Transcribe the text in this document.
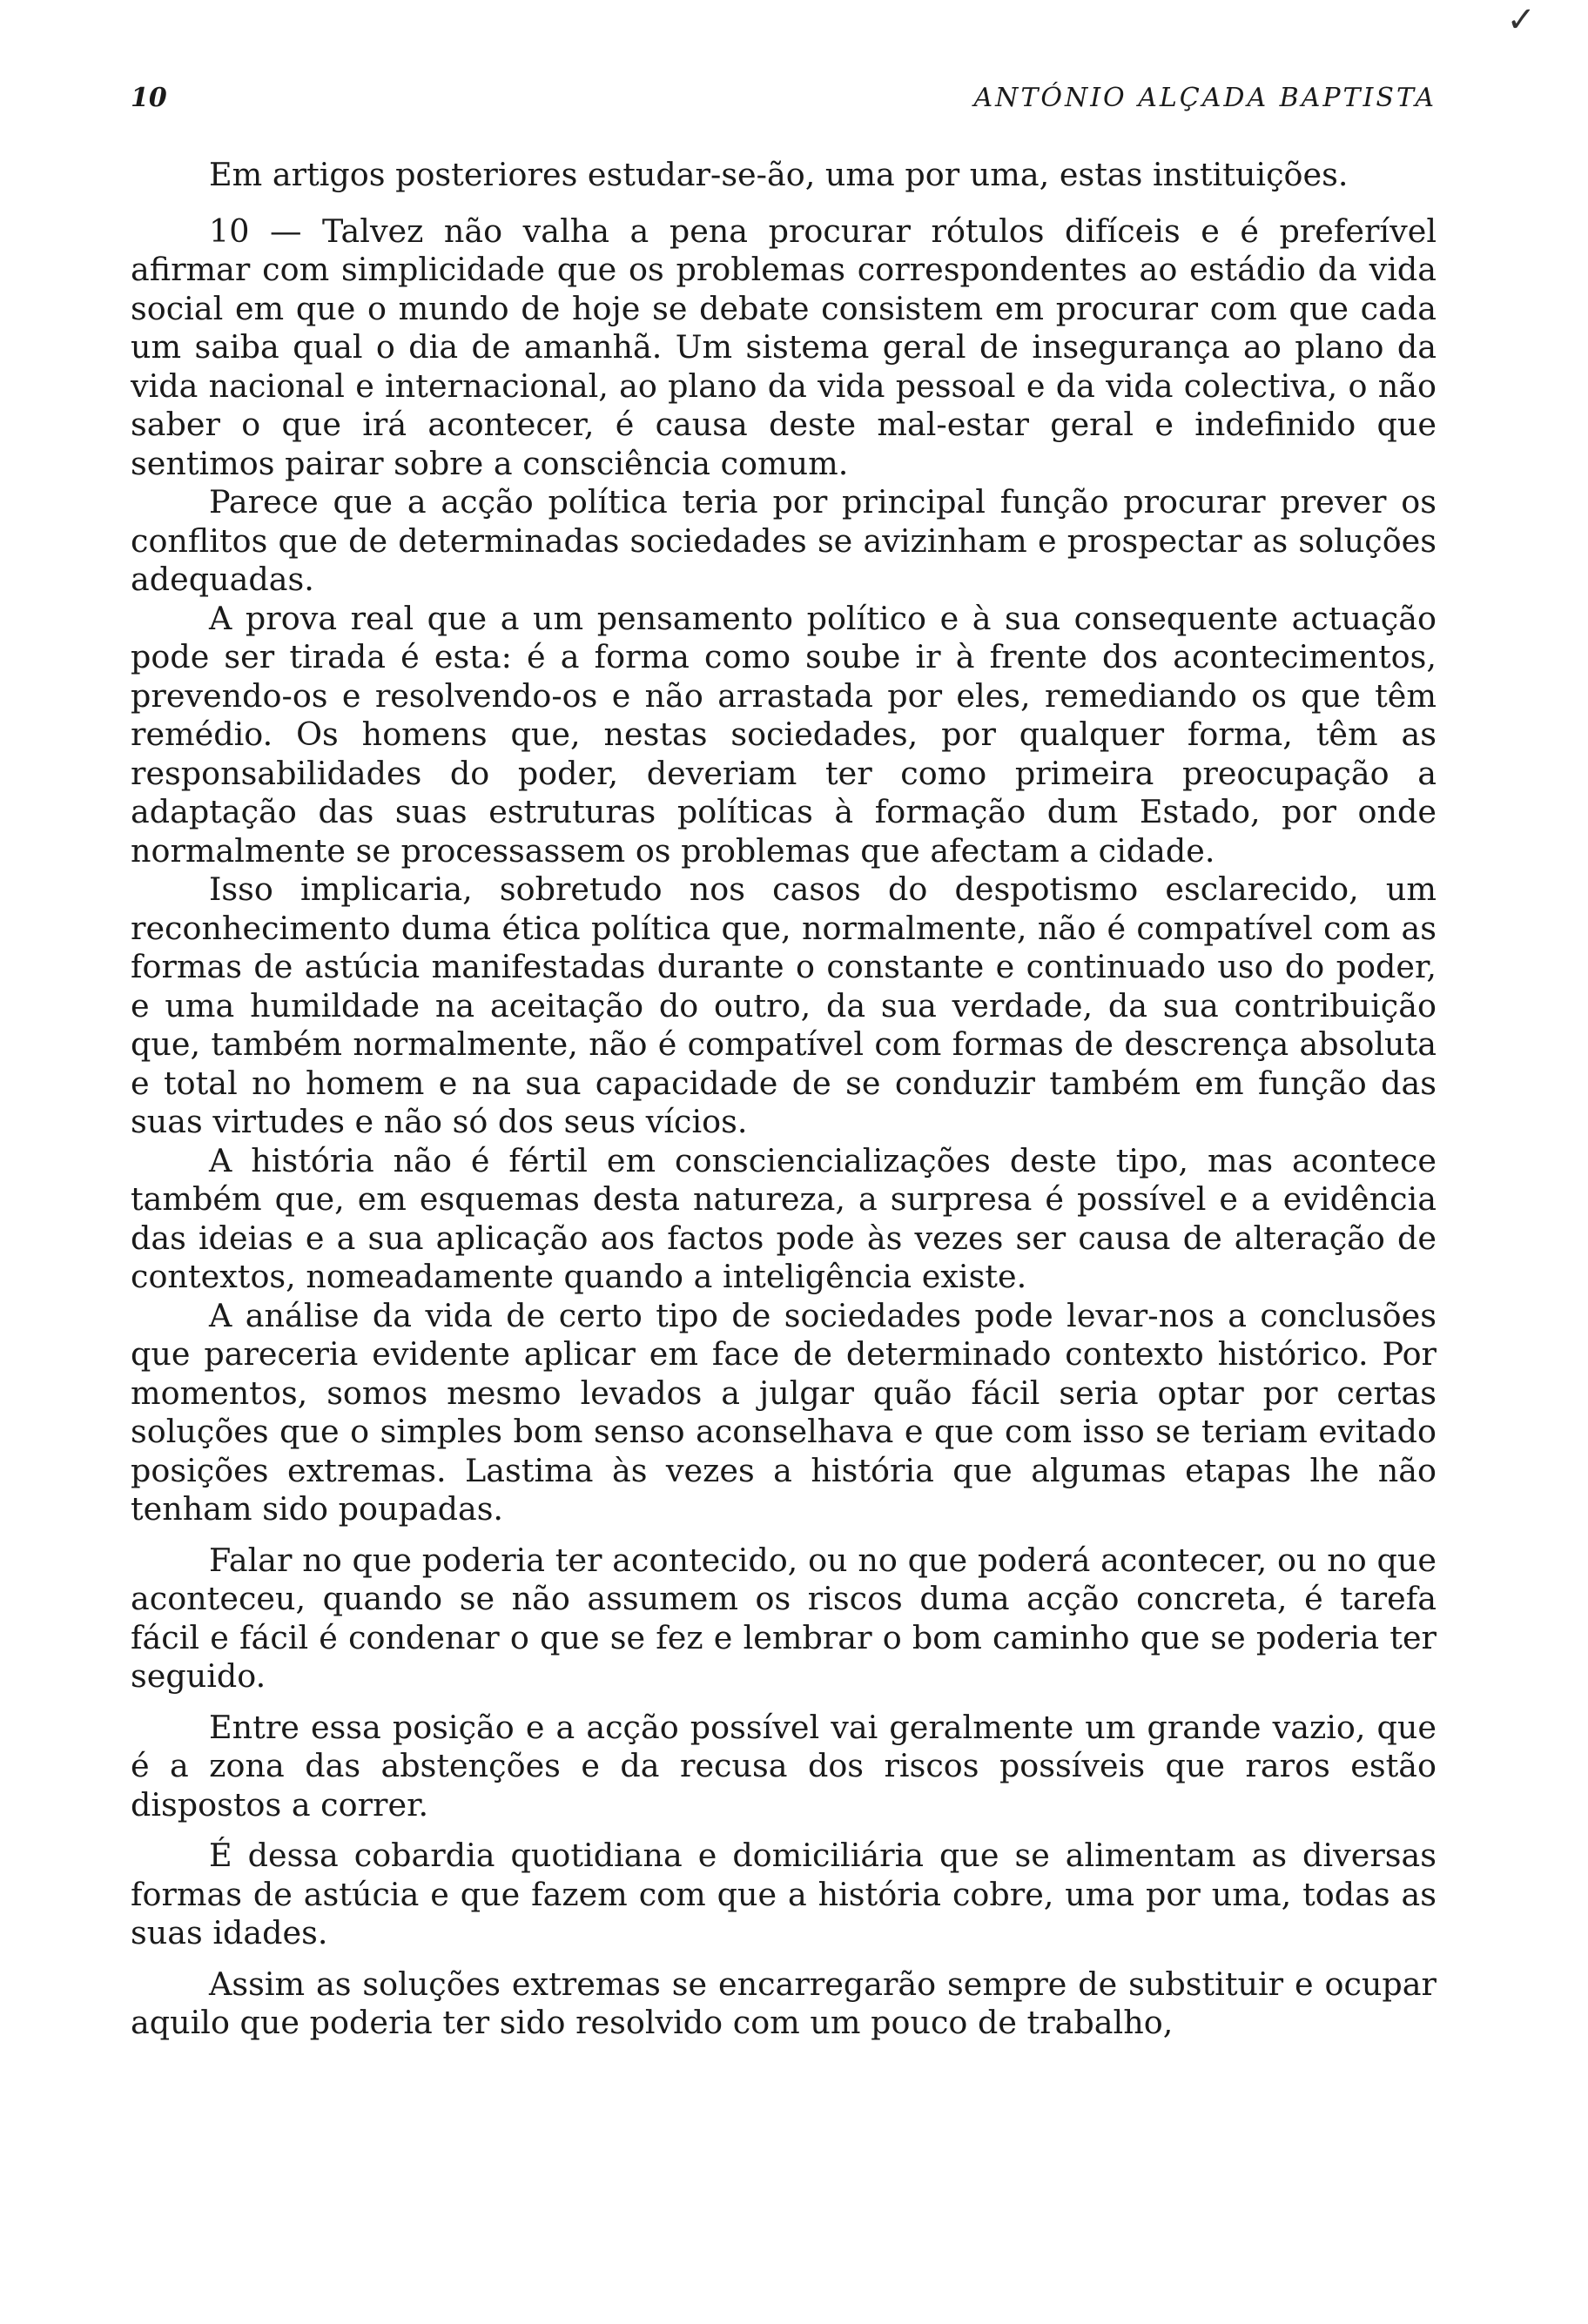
✓
10	ANTÓNIO ALÇADA BAPTISTA

Em artigos posteriores estudar-se-ão, uma por uma, estas instituições.

10 — Talvez não valha a pena procurar rótulos difíceis e é preferível afirmar com simplicidade que os problemas correspondentes ao estádio da vida social em que o mundo de hoje se debate consistem em procurar com que cada um saiba qual o dia de amanhã. Um sistema geral de insegurança ao plano da vida nacional e internacional, ao plano da vida pessoal e da vida colectiva, o não saber o que irá acontecer, é causa deste mal-estar geral e indefinido que sentimos pairar sobre a consciência comum.

Parece que a acção política teria por principal função procurar prever os conflitos que de determinadas sociedades se avizinham e prospectar as soluções adequadas.

A prova real que a um pensamento político e à sua consequente actuação pode ser tirada é esta: é a forma como soube ir à frente dos acontecimentos, prevendo-os e resolvendo-os e não arrastada por eles, remediando os que têm remédio. Os homens que, nestas sociedades, por qualquer forma, têm as responsabilidades do poder, deveriam ter como primeira preocupação a adaptação das suas estruturas políticas à formação dum Estado, por onde normalmente se processassem os problemas que afectam a cidade.

Isso implicaria, sobretudo nos casos do despotismo esclarecido, um reconhecimento duma ética política que, normalmente, não é compatível com as formas de astúcia manifestadas durante o constante e continuado uso do poder, e uma humildade na aceitação do outro, da sua verdade, da sua contribuição que, também normalmente, não é compatível com formas de descrença absoluta e total no homem e na sua capacidade de se conduzir também em função das suas virtudes e não só dos seus vícios.

A história não é fértil em consciencializações deste tipo, mas acontece também que, em esquemas desta natureza, a surpresa é possível e a evidência das ideias e a sua aplicação aos factos pode às vezes ser causa de alteração de contextos, nomeadamente quando a inteligência existe.

A análise da vida de certo tipo de sociedades pode levar-nos a conclusões que pareceria evidente aplicar em face de determinado contexto histórico. Por momentos, somos mesmo levados a julgar quão fácil seria optar por certas soluções que o simples bom senso aconselhava e que com isso se teriam evitado posições extremas. Lastima às vezes a história que algumas etapas lhe não tenham sido poupadas.

Falar no que poderia ter acontecido, ou no que poderá acontecer, ou no que aconteceu, quando se não assumem os riscos duma acção concreta, é tarefa fácil e fácil é condenar o que se fez e lembrar o bom caminho que se poderia ter seguido.

Entre essa posição e a acção possível vai geralmente um grande vazio, que é a zona das abstenções e da recusa dos riscos possíveis que raros estão dispostos a correr.

É dessa cobardia quotidiana e domiciliária que se alimentam as diversas formas de astúcia e que fazem com que a história cobre, uma por uma, todas as suas idades.

Assim as soluções extremas se encarregarão sempre de substituir e ocupar aquilo que poderia ter sido resolvido com um pouco de trabalho,
